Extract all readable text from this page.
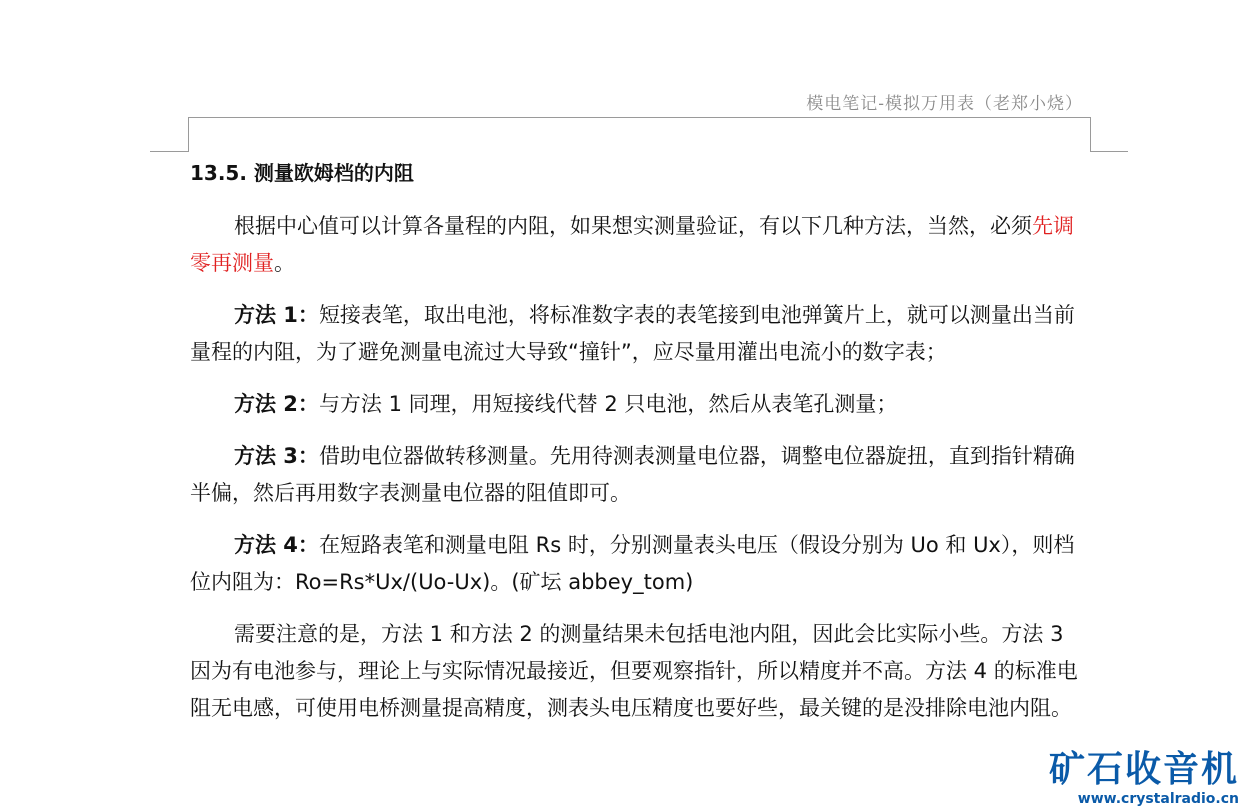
模电笔记-模拟万用表（老郑小烧）
13.5. 测量欧姆档的内阻

根据中心值可以计算各量程的内阻，如果想实测量验证，有以下几种方法，当然，必须先调零再测量。

方法 1：短接表笔，取出电池，将标准数字表的表笔接到电池弹簧片上，就可以测量出当前量程的内阻，为了避免测量电流过大导致“撞针”，应尽量用灌出电流小的数字表；

方法 2：与方法 1 同理，用短接线代替 2 只电池，然后从表笔孔测量；

方法 3：借助电位器做转移测量。先用待测表测量电位器，调整电位器旋扭，直到指针精确半偏，然后再用数字表测量电位器的阻值即可。

方法 4：在短路表笔和测量电阻 Rs 时，分别测量表头电压（假设分别为 Uo 和 Ux），则档位内阻为：Ro=Rs*Ux/(Uo-Ux)。(矿坛 abbey_tom)

需要注意的是，方法 1 和方法 2 的测量结果未包括电池内阻，因此会比实际小些。方法 3 因为有电池参与，理论上与实际情况最接近，但要观察指针，所以精度并不高。方法 4 的标准电阻无电感，可使用电桥测量提高精度，测表头电压精度也要好些，最关键的是没排除电池内阻。

矿石收音机
www.crystalradio.cn
